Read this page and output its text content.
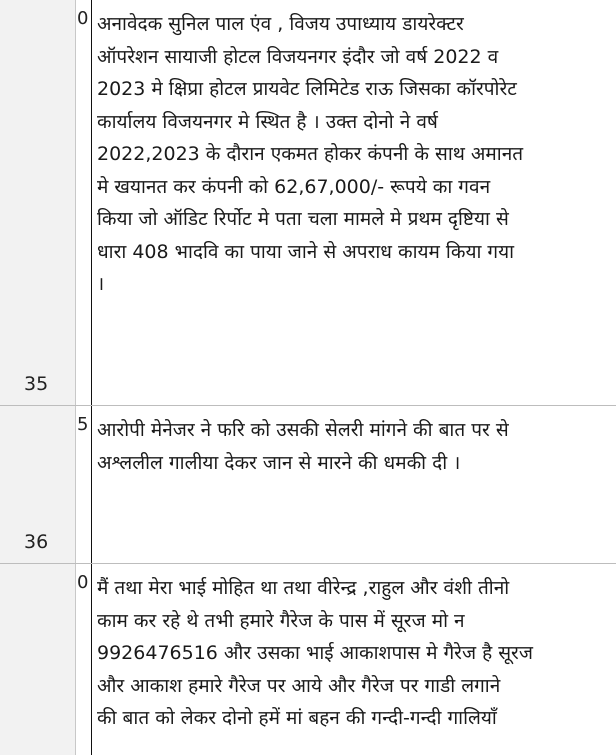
35
0 अनावेदक सुनिल पाल एंव , विजय उपाध्याय डायरेक्टर
ऑपरेशन सायाजी होटल विजयनगर इंदौर जो वर्ष 2022 व
2023 मे क्षिप्रा होटल प्रायवेट लिमिटेड राऊ जिसका कॉरपोरेट
कार्यालय विजयनगर मे स्थित है । उक्त दोनो ने वर्ष
2022,2023 के दौरान एकमत होकर कंपनी के साथ अमानत
मे खयानत कर कंपनी को 62,67,000/- रूपये का गवन
किया जो ऑडिट रिर्पोट मे पता चला मामले मे प्रथम दृष्टिया से
धारा 408 भादवि का पाया जाने से अपराध कायम किया गया
।
36
5 आरोपी मेनेजर ने फरि को उसकी सेलरी मांगने की बात पर से
अश्ललील गालीया देकर जान से मारने की धमकी दी ।
0 मैं तथा मेरा भाई मोहित था तथा वीरेन्द्र ,राहुल और वंशी तीनो
काम कर रहे थे तभी हमारे गैरेज के पास में सूरज मो न
9926476516 और उसका भाई आकाशपास मे गैरेज है सूरज
और आकाश हमारे गैरेज पर आये और गैरेज पर गाडी लगाने
की बात को लेकर दोनो हमें मां बहन की गन्दी-गन्दी गालियाँ
